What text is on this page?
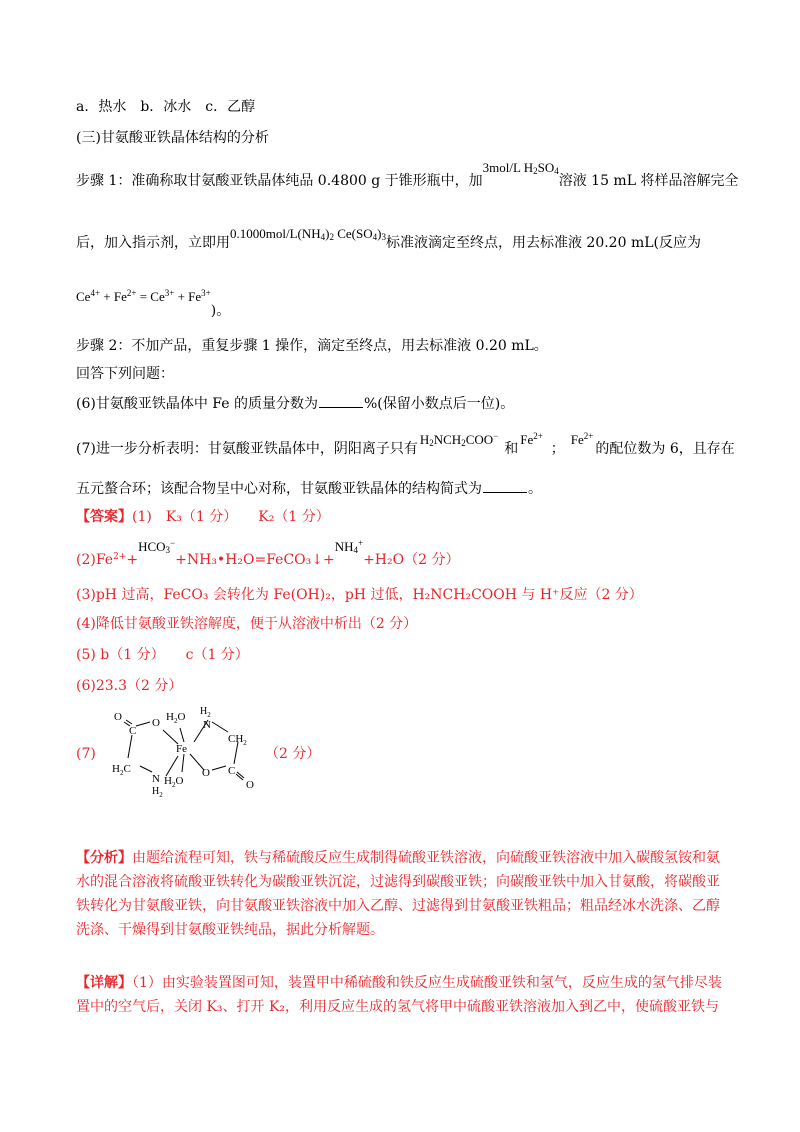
a．热水　b．冰水　c．乙醇
(三)甘氨酸亚铁晶体结构的分析
步骤 1：准确称取甘氨酸亚铁晶体纯品 0.4800 g 于锥形瓶中，加3mol/L $H_2SO_4$溶液 15 mL 将样品溶解完全
后，加入指示剂，立即用$0.1000mol/L(NH_4)_2$ $Ce(SO_4)_3$标准液滴定至终点，用去标准液 20.20 mL(反应为
$Ce^{4+} + Fe^{2+} = Ce^{3+} + Fe^{3+}$)。
步骤 2：不加产品，重复步骤 1 操作，滴定至终点，用去标准液 0.20 mL。
回答下列问题：
(6)甘氨酸亚铁晶体中 Fe 的质量分数为	%(保留小数点后一位)。
(7)进一步分析表明：甘氨酸亚铁晶体中，阴阳离子只有$H_2NCH_2COO^-$和$Fe^{2+}$；$Fe^{2+}$的配位数为 6，且存在
五元螯合环；该配合物呈中心对称，甘氨酸亚铁晶体的结构简式为	。
【答案】(1)　K₃（1 分）　　K₂（1 分）
$(2)Fe^{2+}+HCO_3^-+NH_3•H_2O=FeCO_3↓+NH_4^++H_2O(2$ 分）
(3)pH 过高，FeCO₃ 会转化为 Fe(OH)₂，pH 过低，H₂NCH₂COOH 与 H⁺反应（2 分）
(4)降低甘氨酸亚铁溶解度，便于从溶液中析出（2 分）
(5) b（1 分）　　c（1 分）
(6)23.3（2 分）
(7)	（2 分）
O
C
O $H_2O$ $H_2$
N
$CH_2$
Fe
$H_2C$
N
$H_2$
$H_2O$
O C
O
【分析】由题给流程可知，铁与稀硫酸反应生成制得硫酸亚铁溶液，向硫酸亚铁溶液中加入碳酸氢铵和氨水的混合溶液将硫酸亚铁转化为碳酸亚铁沉淀，过滤得到碳酸亚铁；向碳酸亚铁中加入甘氨酸，将碳酸亚铁转化为甘氨酸亚铁，向甘氨酸亚铁溶液中加入乙醇、过滤得到甘氨酸亚铁粗品；粗品经冰水洗涤、乙醇洗涤、干燥得到甘氨酸亚铁纯品，据此分析解题。
【详解】（1）由实验装置图可知，装置甲中稀硫酸和铁反应生成硫酸亚铁和氢气，反应生成的氢气排尽装置中的空气后，关闭 K₃、打开 K₂，利用反应生成的氢气将甲中硫酸亚铁溶液加入到乙中，使硫酸亚铁与
